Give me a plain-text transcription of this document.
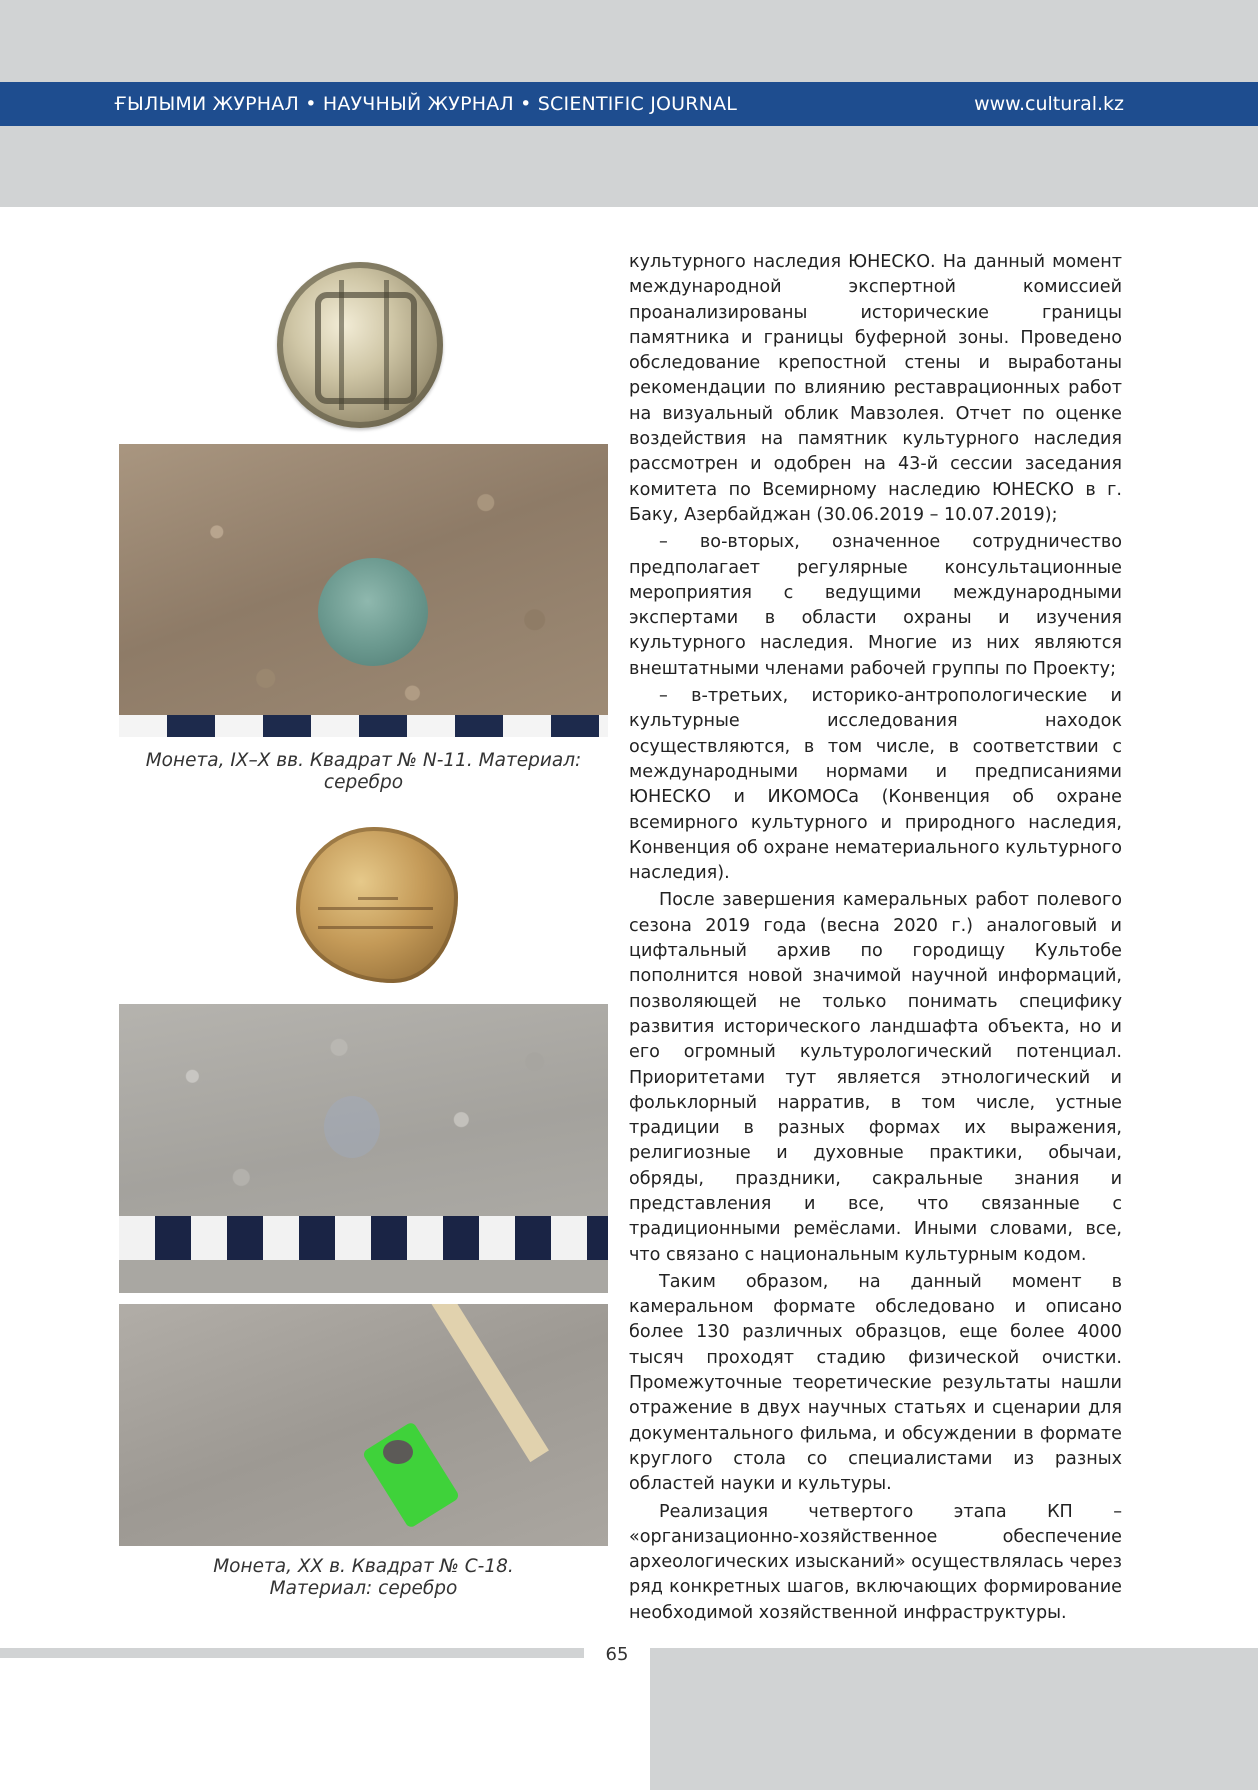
ҒЫЛЫМИ ЖУРНАЛ • НАУЧНЫЙ ЖУРНАЛ • SCIENTIFIC JOURNAL	www.cultural.kz
Монета, IX–X вв. Квадрат № N-11. Материал: серебро
Монета, XX в. Квадрат № С-18.
Материал: серебро

культурного наследия ЮНЕСКО. На данный момент международной экспертной комиссией проанализированы исторические границы памятника и границы буферной зоны. Проведено обследование крепостной стены и выработаны рекомендации по влиянию реставрационных работ на визуальный облик Мавзолея. Отчет по оценке воздействия на памятник культурного наследия рассмотрен и одобрен на 43-й сессии заседания комитета по Всемирному наследию ЮНЕСКО в г. Баку, Азербайджан (30.06.2019 – 10.07.2019);

– во-вторых, означенное сотрудничество предполагает регулярные консультационные мероприятия с ведущими международными экспертами в области охраны и изучения культурного наследия. Многие из них являются внештатными членами рабочей группы по Проекту;

– в-третьих, историко-антропологические и культурные исследования находок осуществляются, в том числе, в соответствии с международными нормами и предписаниями ЮНЕСКО и ИКОМОСа (Конвенция об охране всемирного культурного и природного наследия, Конвенция об охране нематериального культурного наследия).

После завершения камеральных работ полевого сезона 2019 года (весна 2020 г.) аналоговый и цифтальный архив по городищу Культобе пополнится новой значимой научной информаций, позволяющей не только понимать специфику развития исторического ландшафта объекта, но и его огромный культурологический потенциал. Приоритетами тут является этнологический и фольклорный нарратив, в том числе, устные традиции в разных формах их выражения, религиозные и духовные практики, обычаи, обряды, праздники, сакральные знания и представления и все, что связанные с традиционными ремёслами. Иными словами, все, что связано с национальным культурным кодом.

Таким образом, на данный момент в камеральном формате обследовано и описано более 130 различных образцов, еще более 4000 тысяч проходят стадию физической очистки. Промежуточные теоретические результаты нашли отражение в двух научных статьях и сценарии для документального фильма, и обсуждении в формате круглого стола со специалистами из разных областей науки и культуры.

Реализация четвертого этапа КП – «организационно-хозяйственное обеспечение археологических изысканий» осуществлялась через ряд конкретных шагов, включающих формирование необходимой хозяйственной инфраструктуры.

65
